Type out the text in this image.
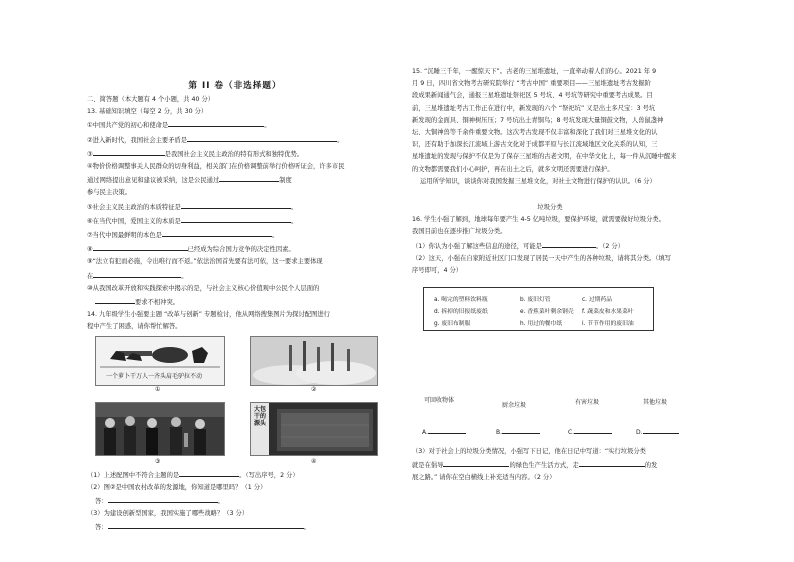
第 II 卷（非选择题）
二、简答题（本大题有 4 个小题，共 40 分）
13. 基础知识填空（每空 2 分，共 30 分）
①中国共产党的初心和使命是	。
②进入新时代，我国社会主要矛盾是	。
③	是我国社会主义民主政治的特有形式和独特优势。
④物价价格调整事关人民群众的切身利益，相关部门在价格调整前举行价格听证会，许多市民
通过网络提出意见和建议被采纳，这是公民通过	制度
参与民主决策。
⑤社会主义民主政治的本质特征是	。
⑥在当代中国，爱国主义的本质是	。
⑦当代中国最鲜明的本色是	。
⑧	已经成为综合国力竞争的决定性因素。
⑨“法立有犯而必施，令出唯行而不返。”依法治国首先要有法可依，这一要求主要体现
在	。
⑩从我国改革开放和实践探索中揭示的是，与社会主义核心价值观中公民个人层面的
要求不相冲突。
14. 九年级学生小强要主题 “改革与创新” 专题检讨，他从网络搜集图片为探讨配图进行
程中产生了困惑，请你帮忙解答。
一个萝卜干万人一齐头肩毛驴拉不动
①	②
③
大包干的源头
④
（1）上述配图中不符合主题的是	。（写出序号，2 分）
（2）图②是中国农村改革的发源地，你知道是哪里吗？（1 分）
答：	。
（3）为建设创新型国家，我国实施了哪些战略？（3 分）
答：	。
15. “沉睡三千年，一醒惊天下”。古老的三星堆遗址，一直牵动着人们的心。2021 年 9
月 9 日，四川省文物考古研究院举行 “考古中国” 重要项目——三星堆遗址考古发掘阶
段成果新闻通气会，通报三星堆遗址祭祀区 5 号坑、4 号坑等研究中重要考古成果。目
前，三星堆遗址考古工作正在进行中，新发现的六个 “祭祀坑” 又是出土多尺宝：3 号坑
新发现的金面具、铜神树压压；7 号坑出土青铜鸟；8 号坑发现大量铜鼓文物，人兽鼠盏神
坛、大铜神兽等千余件重要文物。这次考古发现不仅丰富和深化了我们对三星堆文化的认
识，还有助于加深长江流域上游古文化对于成都平原与长江流域地区文化关系的认知，三
星堆遗址的发现与保护不仅是为了保存三星堆的古老文明，在中华文化上，每一件从沉睡中醒来
的文物都需要我们小心呵护，再在出土之后，就多文明还需要进行保护。
运用所学知识，谈谈你对我国发掘三星堆文化，对社土文物进行保护的认识。（6 分）
垃圾分类
16. 学生小强了解到，地球每年要产生 4-5 亿吨垃圾，要保护环境，就需要做好垃圾分类。
我国目前也在逐步推广垃圾分类。
（1）你认为小强了解这些信息的途径，可能是	。（2 分）
（2）这天，小强在自家附近社区门口发现了居民一天中产生的各种垃圾，请将其分类。（填写
序号即可，4 分）
a. 喝完的塑料饮料瓶	b. 废旧灯管	c. 过期药品
d. 拆掉的旧报纸废纸	e. 香蕉菜叶剩余钢壳 f. 蔬菜皮和水果菜叶
g. 废旧布制服	h. 用过的餐巾纸	i. 节节作用的废旧油
可回收物体
厨余垃圾	有害垃圾	其他垃圾
A.	B.	C.	D.
（3）对于社会上的垃圾分类情况，小强写下日记，他在日记中写道：“实行垃圾分类
就是在倡导	的绿色生产生活方式，走	的发
展之路。” 请你在空白横线上补充适当内容。（2 分）
